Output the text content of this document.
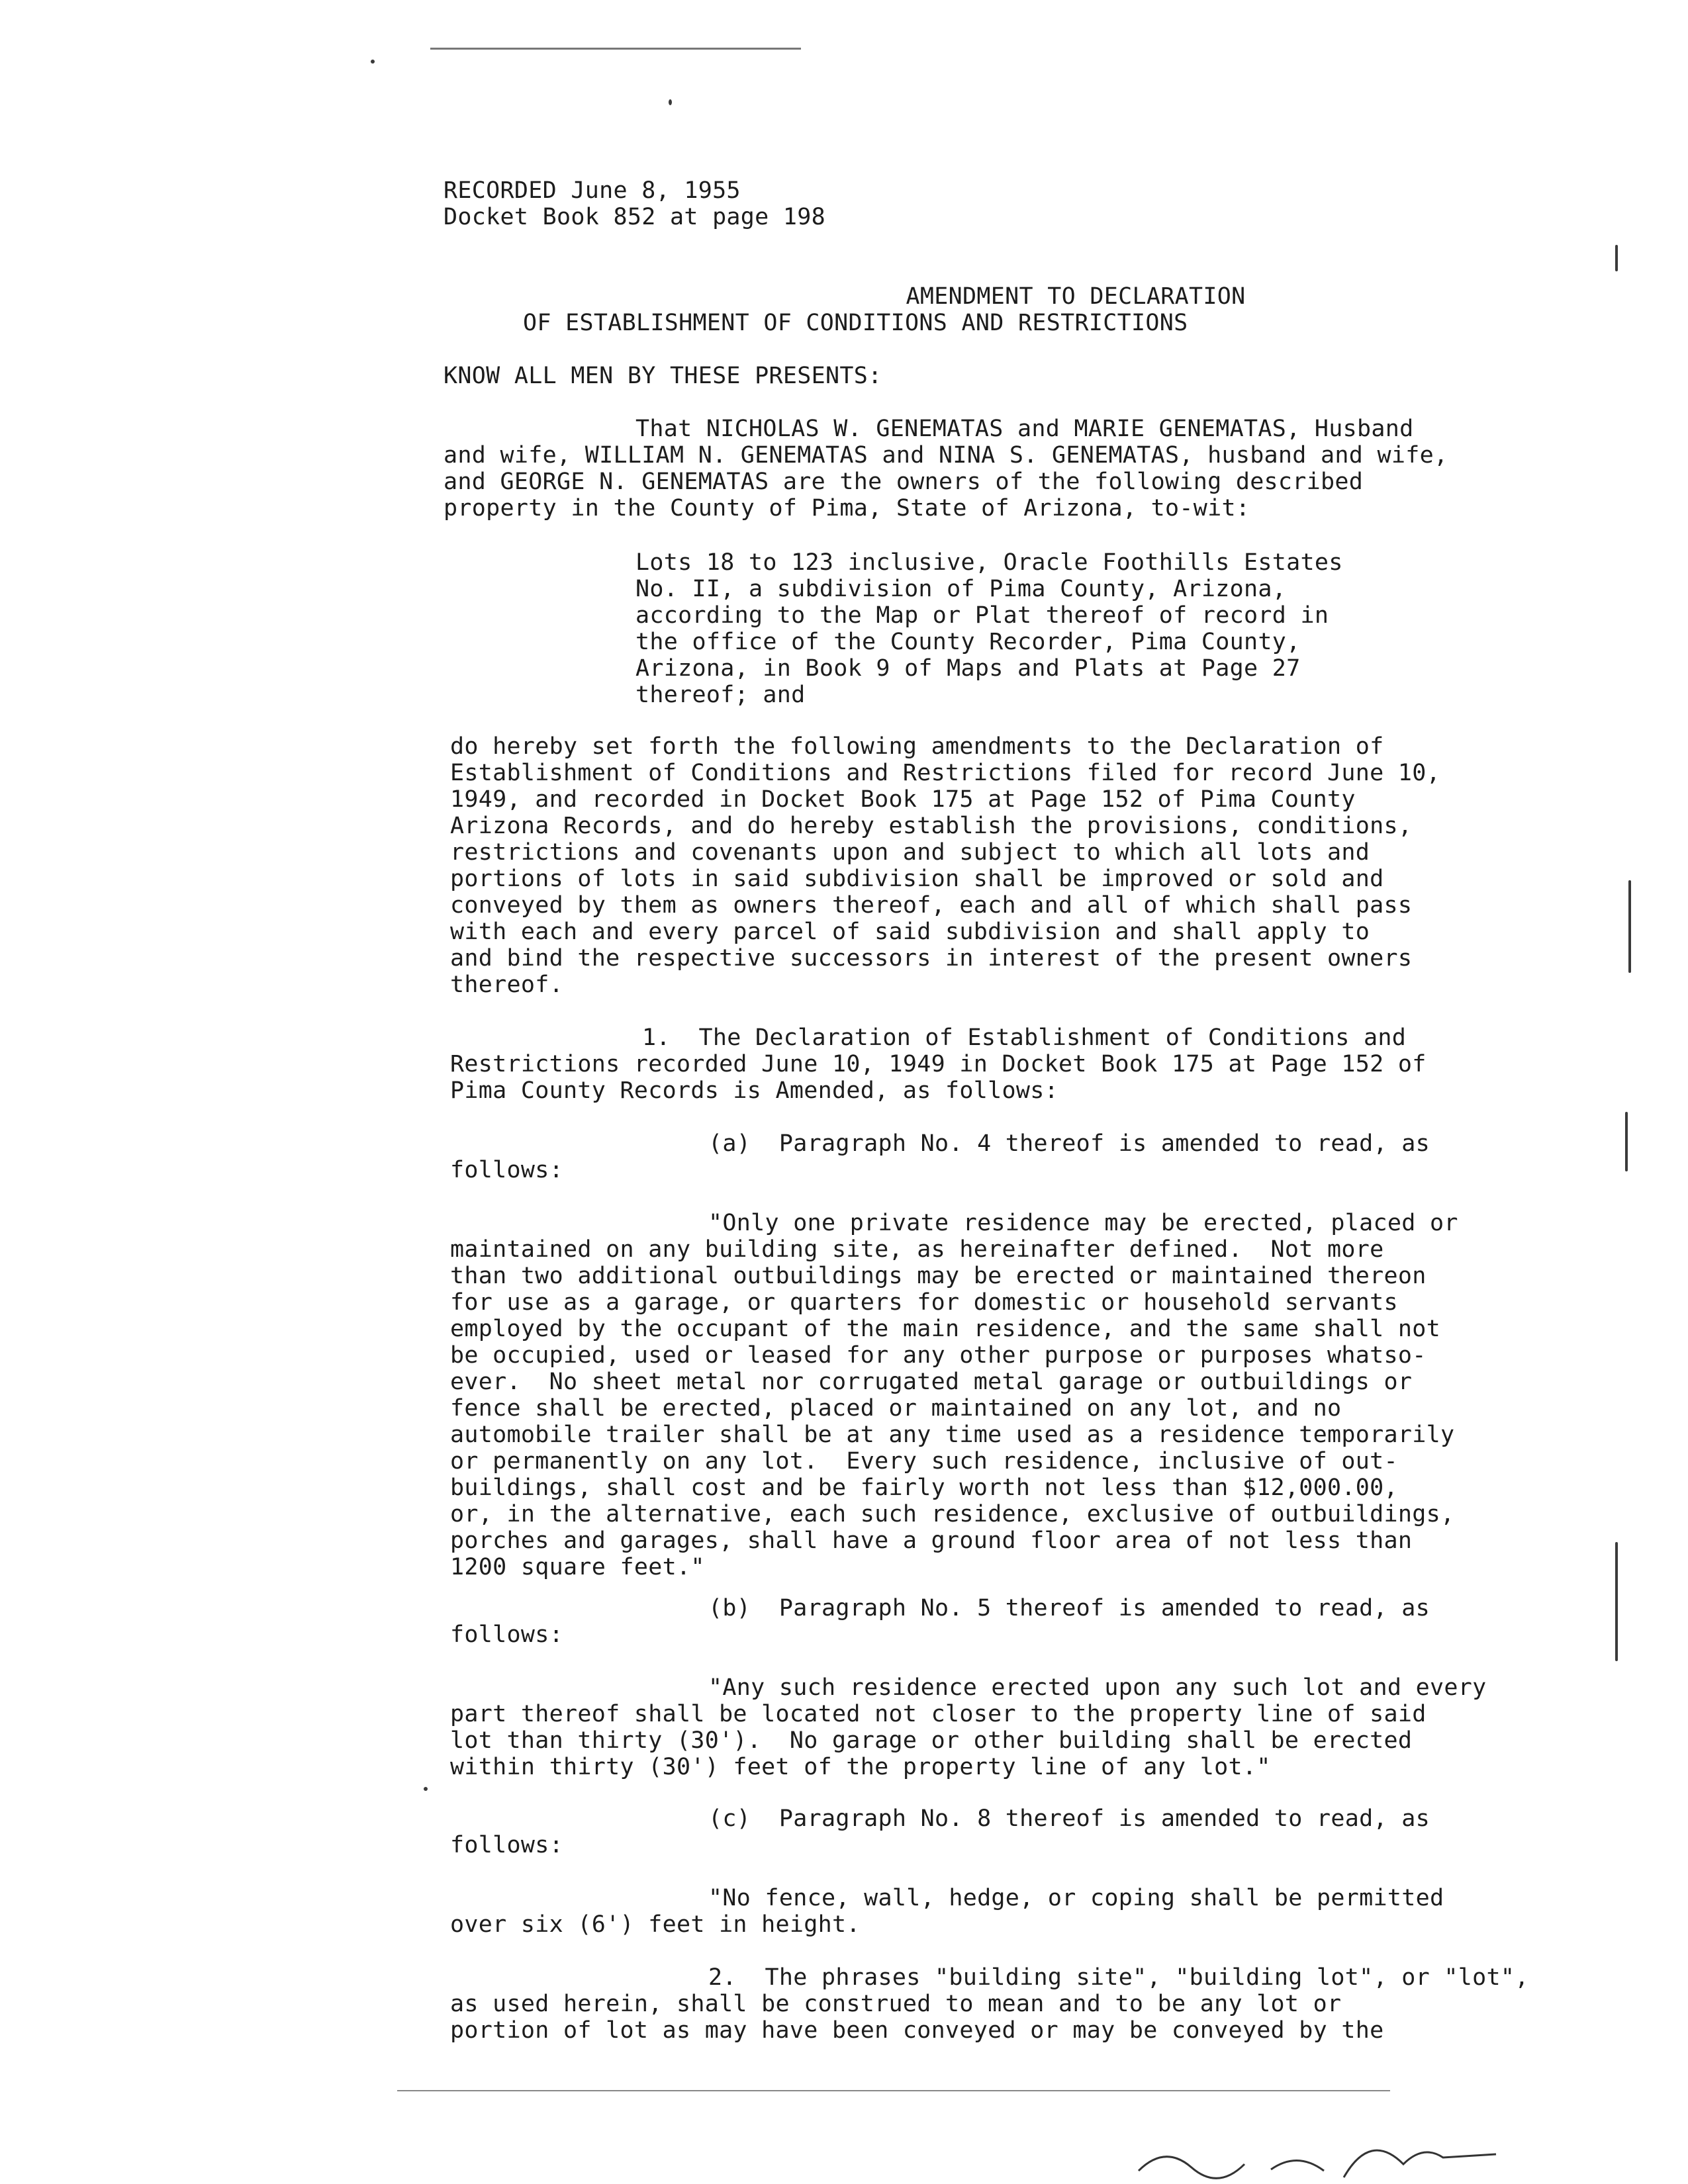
RECORDED June 8, 1955
Docket Book 852 at page 198
AMENDMENT TO DECLARATION
OF ESTABLISHMENT OF CONDITIONS AND RESTRICTIONS
KNOW ALL MEN BY THESE PRESENTS:
That NICHOLAS W. GENEMATAS and MARIE GENEMATAS, Husband
and wife, WILLIAM N. GENEMATAS and NINA S. GENEMATAS, husband and wife,
and GEORGE N. GENEMATAS are the owners of the following described
property in the County of Pima, State of Arizona, to-wit:
Lots 18 to 123 inclusive, Oracle Foothills Estates
No. II, a subdivision of Pima County, Arizona,
according to the Map or Plat thereof of record in
the office of the County Recorder, Pima County,
Arizona, in Book 9 of Maps and Plats at Page 27
thereof; and
do hereby set forth the following amendments to the Declaration of
Establishment of Conditions and Restrictions filed for record June 10,
1949, and recorded in Docket Book 175 at Page 152 of Pima County
Arizona Records, and do hereby establish the provisions, conditions,
restrictions and covenants upon and subject to which all lots and
portions of lots in said subdivision shall be improved or sold and
conveyed by them as owners thereof, each and all of which shall pass
with each and every parcel of said subdivision and shall apply to
and bind the respective successors in interest of the present owners
thereof.
1.  The Declaration of Establishment of Conditions and
Restrictions recorded June 10, 1949 in Docket Book 175 at Page 152 of
Pima County Records is Amended, as follows:
(a)  Paragraph No. 4 thereof is amended to read, as
follows:
"Only one private residence may be erected, placed or
maintained on any building site, as hereinafter defined.  Not more
than two additional outbuildings may be erected or maintained thereon
for use as a garage, or quarters for domestic or household servants
employed by the occupant of the main residence, and the same shall not
be occupied, used or leased for any other purpose or purposes whatso-
ever.  No sheet metal nor corrugated metal garage or outbuildings or
fence shall be erected, placed or maintained on any lot, and no
automobile trailer shall be at any time used as a residence temporarily
or permanently on any lot.  Every such residence, inclusive of out-
buildings, shall cost and be fairly worth not less than $12,000.00,
or, in the alternative, each such residence, exclusive of outbuildings,
porches and garages, shall have a ground floor area of not less than
1200 square feet."
(b)  Paragraph No. 5 thereof is amended to read, as
follows:
"Any such residence erected upon any such lot and every
part thereof shall be located not closer to the property line of said
lot than thirty (30').  No garage or other building shall be erected
within thirty (30') feet of the property line of any lot."
(c)  Paragraph No. 8 thereof is amended to read, as
follows:
"No fence, wall, hedge, or coping shall be permitted
over six (6') feet in height.
2.  The phrases "building site", "building lot", or "lot",
as used herein, shall be construed to mean and to be any lot or
portion of lot as may have been conveyed or may be conveyed by the
